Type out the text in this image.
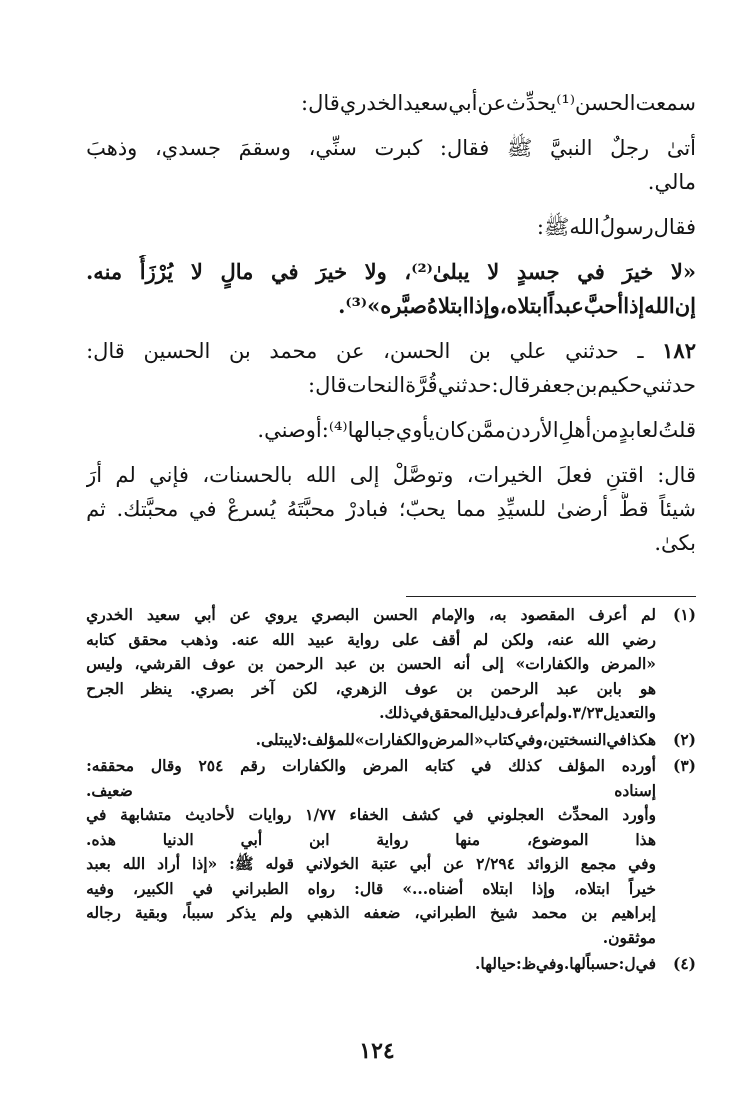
سمعت
الحسن⁽¹⁾
يحدِّث
عن
أبي
سعيد
الخدري
قال:
أتىٰ
رجلٌ
النبيَّ
ﷺ
فقال:
كبرت
سنِّي،
وسقمَ
جسدي،
وذهبَ
مالي.
فقال
رسولُ
الله
ﷺ:
«لا
خيرَ
في
جسدٍ
لا
يبلىٰ⁽²⁾،
ولا
خيرَ
في
مالٍ
لا
يُرْزَأُ
منه.
إن
الله
إذا
أحبَّ
عبداً
ابتلاه،
وإذا
ابتلاهُ
صبَّره»⁽³⁾.
١٨٢
ـ
حدثني
علي
بن
الحسن،
عن
محمد
بن
الحسين
قال:
حدثني
حكيم
بن
جعفر
قال:
حدثني
قُرَّة
النحات
قال:
قلتُ
لعابدٍ
من
أهلِ
الأردن
ممَّن
كان
يأوي
جبالها⁽⁴⁾:
أوصني.
قال:
اقتنِ
فعلَ
الخيرات،
وتوصَّلْ
إلى
الله
بالحسنات،
فإني
لم
أرَ
شيئاً
قطُّ
أرضىٰ
للسيِّدِ
مما
يحبّ؛
فبادرْ
محبَّتَهُ
يُسرعْ
في
محبَّتك.
ثم
بكىٰ.
(١)
لم
أعرف
المقصود
به،
والإمام
الحسن
البصري
يروي
عن
أبي
سعيد
الخدري
رضي
الله
عنه،
ولكن
لم
أقف
على
رواية
عبيد
الله
عنه.
وذهب
محقق
كتابه
«المرض
والكفارات»
إلى
أنه
الحسن
بن
عبد
الرحمن
بن
عوف
القرشي،
وليس
هو
بابن
عبد
الرحمن
بن
عوف
الزهري،
لكن
آخر
بصري.
ينظر
الجرح
والتعديل
٣/٢٣.
ولم
أعرف
دليل
المحقق
في
ذلك.
(٢)
هكذا
في
النسختين،
وفي
كتاب
«المرض
والكفارات»
للمؤلف:
لا
يبتلى.
(٣)
أورده
المؤلف
كذلك
في
كتابه
المرض
والكفارات
رقم
٢٥٤
وقال
محققه:
إسناده
ضعيف.
وأورد
المحدِّث
العجلوني
في
كشف
الخفاء
١/٧٧
روايات
لأحاديث
متشابهة
في
هذا
الموضوع،
منها
رواية
ابن
أبي
الدنيا
هذه.
وفي
مجمع
الزوائد
٢/٢٩٤
عن
أبي
عتبة
الخولاني
قوله
ﷺ:
«إذا
أراد
الله
بعبد
خيراً
ابتلاه،
وإذا
ابتلاه
أضناه...»
قال:
رواه
الطبراني
في
الكبير،
وفيه
إبراهيم
بن
محمد
شيخ
الطبراني،
ضعفه
الذهبي
ولم
يذكر
سبباً،
وبقية
رجاله
موثقون.
(٤)
في
ل:
حسباً
لها.
وفي
ظ:
حيالها.
١٢٤
